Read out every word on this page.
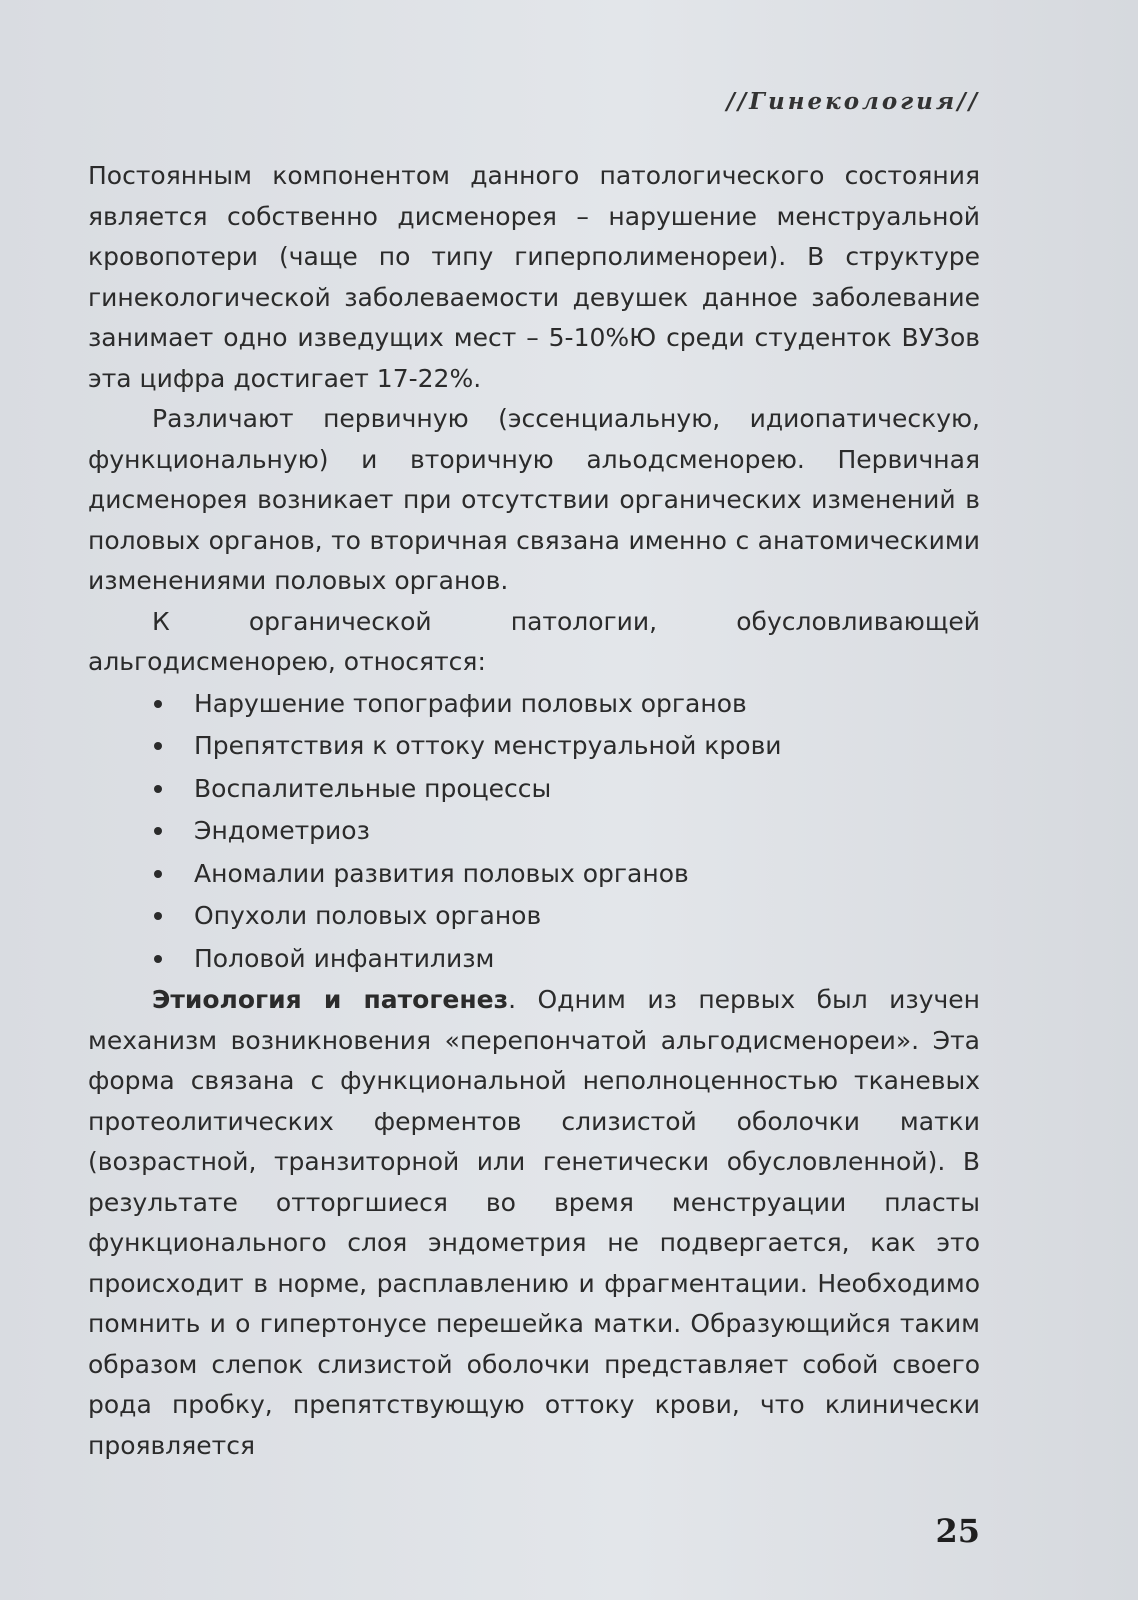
//Гинекология//

Постоянным компонентом данного патологического состояния является собственно дисменорея – нарушение менструальной кровопотери (чаще по типу гиперполименореи). В структуре гинекологической заболеваемости девушек данное заболевание занимает одно изведущих мест – 5-10%Ю среди студенток ВУЗов эта цифра достигает 17-22%.

Различают первичную (эссенциальную, идиопатическую, функциональную) и вторичную альодсменорею. Первичная дисменорея возникает при отсутствии органических изменений в половых органов, то вторичная связана именно с анатомическими изменениями половых органов.

К органической патологии, обусловливающей альгодисменорею, относятся:

Нарушение топографии половых органов
Препятствия к оттоку менструальной крови
Воспалительные процессы
Эндометриоз
Аномалии развития половых органов
Опухоли половых органов
Половой инфантилизм

Этиология и патогенез. Одним из первых был изучен механизм возникновения «перепончатой альгодисменореи». Эта форма связана с функциональной неполноценностью тканевых протеолитических ферментов слизистой оболочки матки (возрастной, транзиторной или генетически обусловленной). В результате отторгшиеся во время менструации пласты функционального слоя эндометрия не подвергается, как это происходит в норме, расплавлению и фрагментации. Необходимо помнить и о гипертонусе перешейка матки. Образующийся таким образом слепок слизистой оболочки представляет собой своего рода пробку, препятствующую оттоку крови, что клинически проявляется

25
